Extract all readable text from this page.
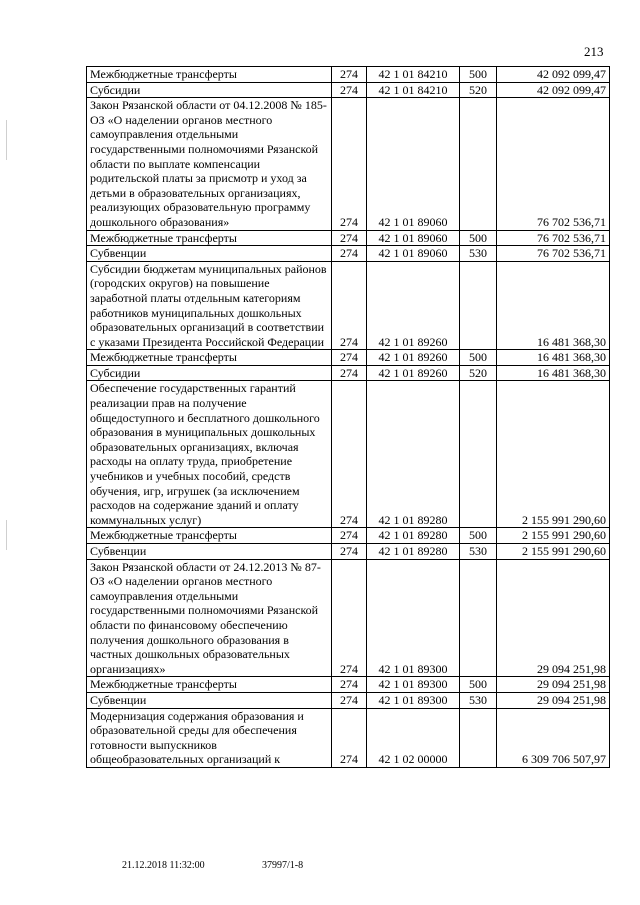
213
Межбюджетные трансферты	274	42 1 01 84210	500	42 092 099,47
Субсидии	274	42 1 01 84210	520	42 092 099,47
Закон Рязанской области от 04.12.2008 № 185-ОЗ «О наделении органов местного самоуправления отдельными государственными полномочиями Рязанской области по выплате компенсации родительской платы за присмотр и уход за детьми в образовательных организациях, реализующих образовательную программу дошкольного образования»	274	42 1 01 89060		76 702 536,71
Межбюджетные трансферты	274	42 1 01 89060	500	76 702 536,71
Субвенции	274	42 1 01 89060	530	76 702 536,71
Субсидии бюджетам муниципальных районов (городских округов) на повышение заработной платы отдельным категориям работников муниципальных дошкольных образовательных организаций в соответствии с указами Президента Российской Федерации	274	42 1 01 89260		16 481 368,30
Межбюджетные трансферты	274	42 1 01 89260	500	16 481 368,30
Субсидии	274	42 1 01 89260	520	16 481 368,30
Обеспечение государственных гарантий реализации прав на получение общедоступного и бесплатного дошкольного образования в муниципальных дошкольных образовательных организациях, включая расходы на оплату труда, приобретение учебников и учебных пособий, средств обучения, игр, игрушек (за исключением расходов на содержание зданий и оплату коммунальных услуг)	274	42 1 01 89280		2 155 991 290,60
Межбюджетные трансферты	274	42 1 01 89280	500	2 155 991 290,60
Субвенции	274	42 1 01 89280	530	2 155 991 290,60
Закон Рязанской области от 24.12.2013 № 87-ОЗ «О наделении органов местного самоуправления отдельными государственными полномочиями Рязанской области по финансовому обеспечению получения дошкольного образования в частных дошкольных образовательных организациях»	274	42 1 01 89300		29 094 251,98
Межбюджетные трансферты	274	42 1 01 89300	500	29 094 251,98
Субвенции	274	42 1 01 89300	530	29 094 251,98
Модернизация содержания образования и образовательной среды для обеспечения готовности выпускников общеобразовательных организаций к	274	42 1 02 00000		6 309 706 507,97
21.12.2018 11:32:00	37997/1-8
